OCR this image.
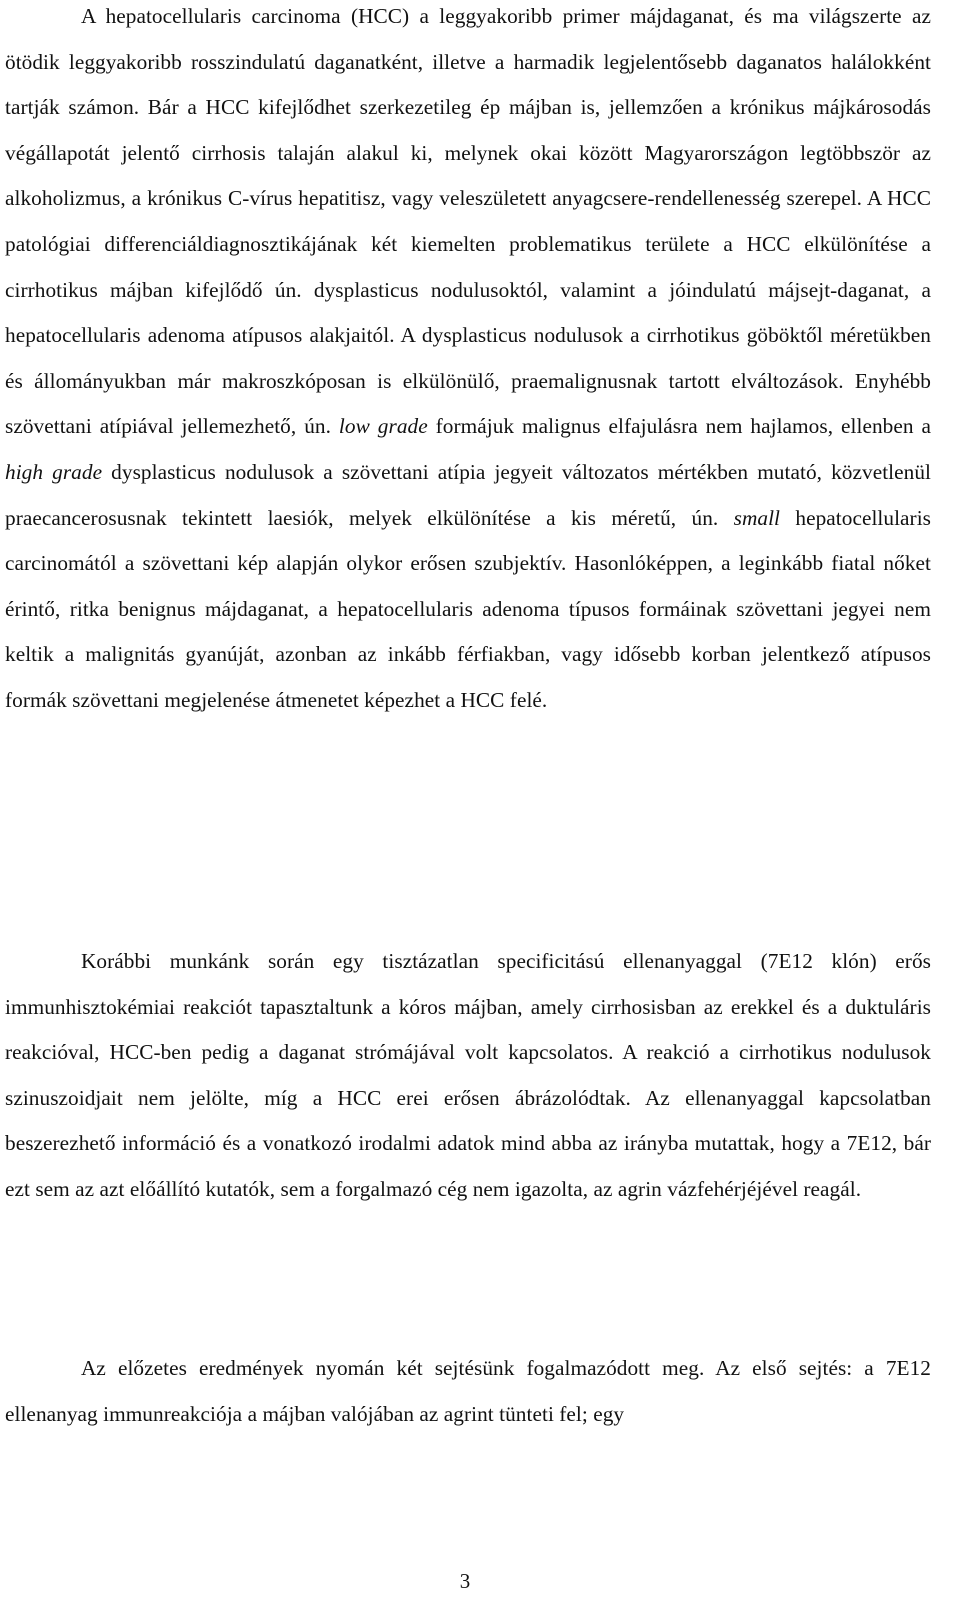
A hepatocellularis carcinoma (HCC) a leggyakoribb primer májdaganat, és ma világszerte az ötödik leggyakoribb rosszindulatú daganatként, illetve a harmadik legjelentősebb daganatos halálokként tartják számon. Bár a HCC kifejlődhet szerkezetileg ép májban is, jellemzően a krónikus májkárosodás végállapotát jelentő cirrhosis talaján alakul ki, melynek okai között Magyarországon legtöbbször az alkoholizmus, a krónikus C-vírus hepatitisz, vagy veleszületett anyagcsere-rendellenesség szerepel. A HCC patológiai differenciáldiagnosztikájának két kiemelten problematikus területe a HCC elkülönítése a cirrhotikus májban kifejlődő ún. dysplasticus nodulusoktól, valamint a jóindulatú májsejt-daganat, a hepatocellularis adenoma atípusos alakjaitól. A dysplasticus nodulusok a cirrhotikus göböktől méretükben és állományukban már makroszkóposan is elkülönülő, praemalignusnak tartott elváltozások. Enyhébb szövettani atípiával jellemezhető, ún. low grade formájuk malignus elfajulásra nem hajlamos, ellenben a high grade dysplasticus nodulusok a szövettani atípia jegyeit változatos mértékben mutató, közvetlenül praecancerosusnak tekintett laesiók, melyek elkülönítése a kis méretű, ún. small hepatocellularis carcinomától a szövettani kép alapján olykor erősen szubjektív. Hasonlóképpen, a leginkább fiatal nőket érintő, ritka benignus májdaganat, a hepatocellularis adenoma típusos formáinak szövettani jegyei nem keltik a malignitás gyanúját, azonban az inkább férfiakban, vagy idősebb korban jelentkező atípusos formák szövettani megjelenése átmenetet képezhet a HCC felé.

Korábbi munkánk során egy tisztázatlan specificitású ellenanyaggal (7E12 klón) erős immunhisztokémiai reakciót tapasztaltunk a kóros májban, amely cirrhosisban az erekkel és a duktuláris reakcióval, HCC-ben pedig a daganat strómájával volt kapcsolatos. A reakció a cirrhotikus nodulusok szinuszoidjait nem jelölte, míg a HCC erei erősen ábrázolódtak. Az ellenanyaggal kapcsolatban beszerezhető információ és a vonatkozó irodalmi adatok mind abba az irányba mutattak, hogy a 7E12, bár ezt sem az azt előállító kutatók, sem a forgalmazó cég nem igazolta, az agrin vázfehérjéjével reagál.

Az előzetes eredmények nyomán két sejtésünk fogalmazódott meg. Az első sejtés: a 7E12 ellenanyag immunreakciója a májban valójában az agrint tünteti fel; egy

3
